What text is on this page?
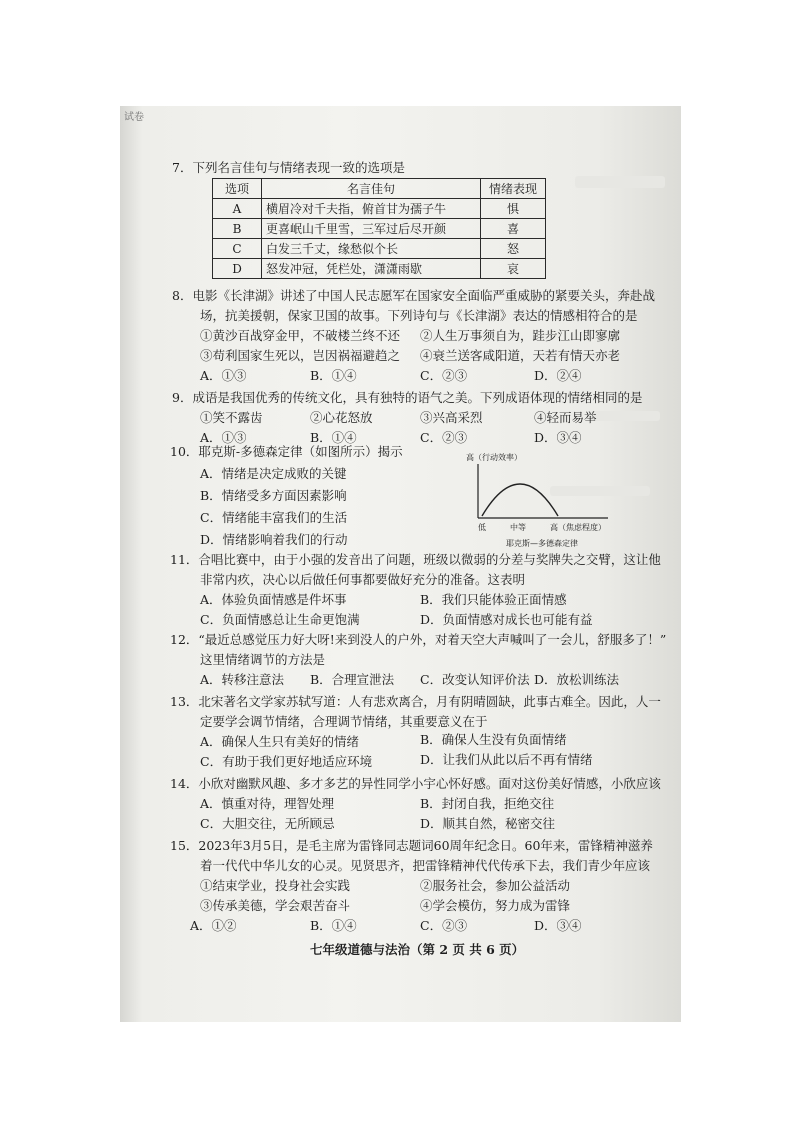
试卷
7．下列名言佳句与情绪表现一致的选项是
选项	名言佳句	情绪表现
A	横眉冷对千夫指，俯首甘为孺子牛	惧
B	更喜岷山千里雪，三军过后尽开颜	喜
C	白发三千丈，缘愁似个长	怒
D	怒发冲冠，凭栏处，潇潇雨歇	哀
8．电影《长津湖》讲述了中国人民志愿军在国家安全面临严重威胁的紧要关头，奔赴战
场，抗美援朝，保家卫国的故事。下列诗句与《长津湖》表达的情感相符合的是
①黄沙百战穿金甲，不破楼兰终不还 ②人生万事须自为，跬步江山即寥廓
③苟利国家生死以，岂因祸福避趋之 ④衰兰送客咸阳道，天若有情天亦老
A．①③	B．①④	C．②③	D．②④
9．成语是我国优秀的传统文化，具有独特的语气之美。下列成语体现的情绪相同的是
①笑不露齿	②心花怒放	③兴高采烈	④轻而易举
A．①③	B．①④	C．②③	D．③④
10．耶克斯-多德森定律（如图所示）揭示
A．情绪是决定成败的关键
B．情绪受多方面因素影响
C．情绪能丰富我们的生活
D．情绪影响着我们的行动
高（行动效率）
低	中等	高（焦虑程度）
耶克斯—多德森定律
11．合唱比赛中，由于小强的发音出了问题，班级以微弱的分差与奖牌失之交臂，这让他
非常内疚，决心以后做任何事都要做好充分的准备。这表明
A．体验负面情感是件坏事	B．我们只能体验正面情感
C．负面情感总让生命更饱满	D．负面情感对成长也可能有益
12．“最近总感觉压力好大呀!来到没人的户外，对着天空大声喊叫了一会儿，舒服多了！”
这里情绪调节的方法是
A．转移注意法 B．合理宣泄法 C．改变认知评价法 D．放松训练法
13．北宋著名文学家苏轼写道：人有悲欢离合，月有阴晴圆缺，此事古难全。因此，人一
定要学会调节情绪，合理调节情绪，其重要意义在于
A．确保人生只有美好的情绪	B．确保人生没有负面情绪
C．有助于我们更好地适应环境	D．让我们从此以后不再有情绪
14．小欣对幽默风趣、多才多艺的异性同学小宇心怀好感。面对这份美好情感，小欣应该
A．慎重对待，理智处理	B．封闭自我，拒绝交往
C．大胆交往，无所顾忌	D．顺其自然，秘密交往
15．2023年3月5日，是毛主席为雷锋同志题词60周年纪念日。60年来，雷锋精神滋养
着一代代中华儿女的心灵。见贤思齐，把雷锋精神代代传承下去，我们青少年应该
①结束学业，投身社会实践	②服务社会，参加公益活动
③传承美德，学会艰苦奋斗	④学会模仿，努力成为雷锋
A．①②	B．①④	C．②③	D．③④
七年级道德与法治（第 2 页 共 6 页）
